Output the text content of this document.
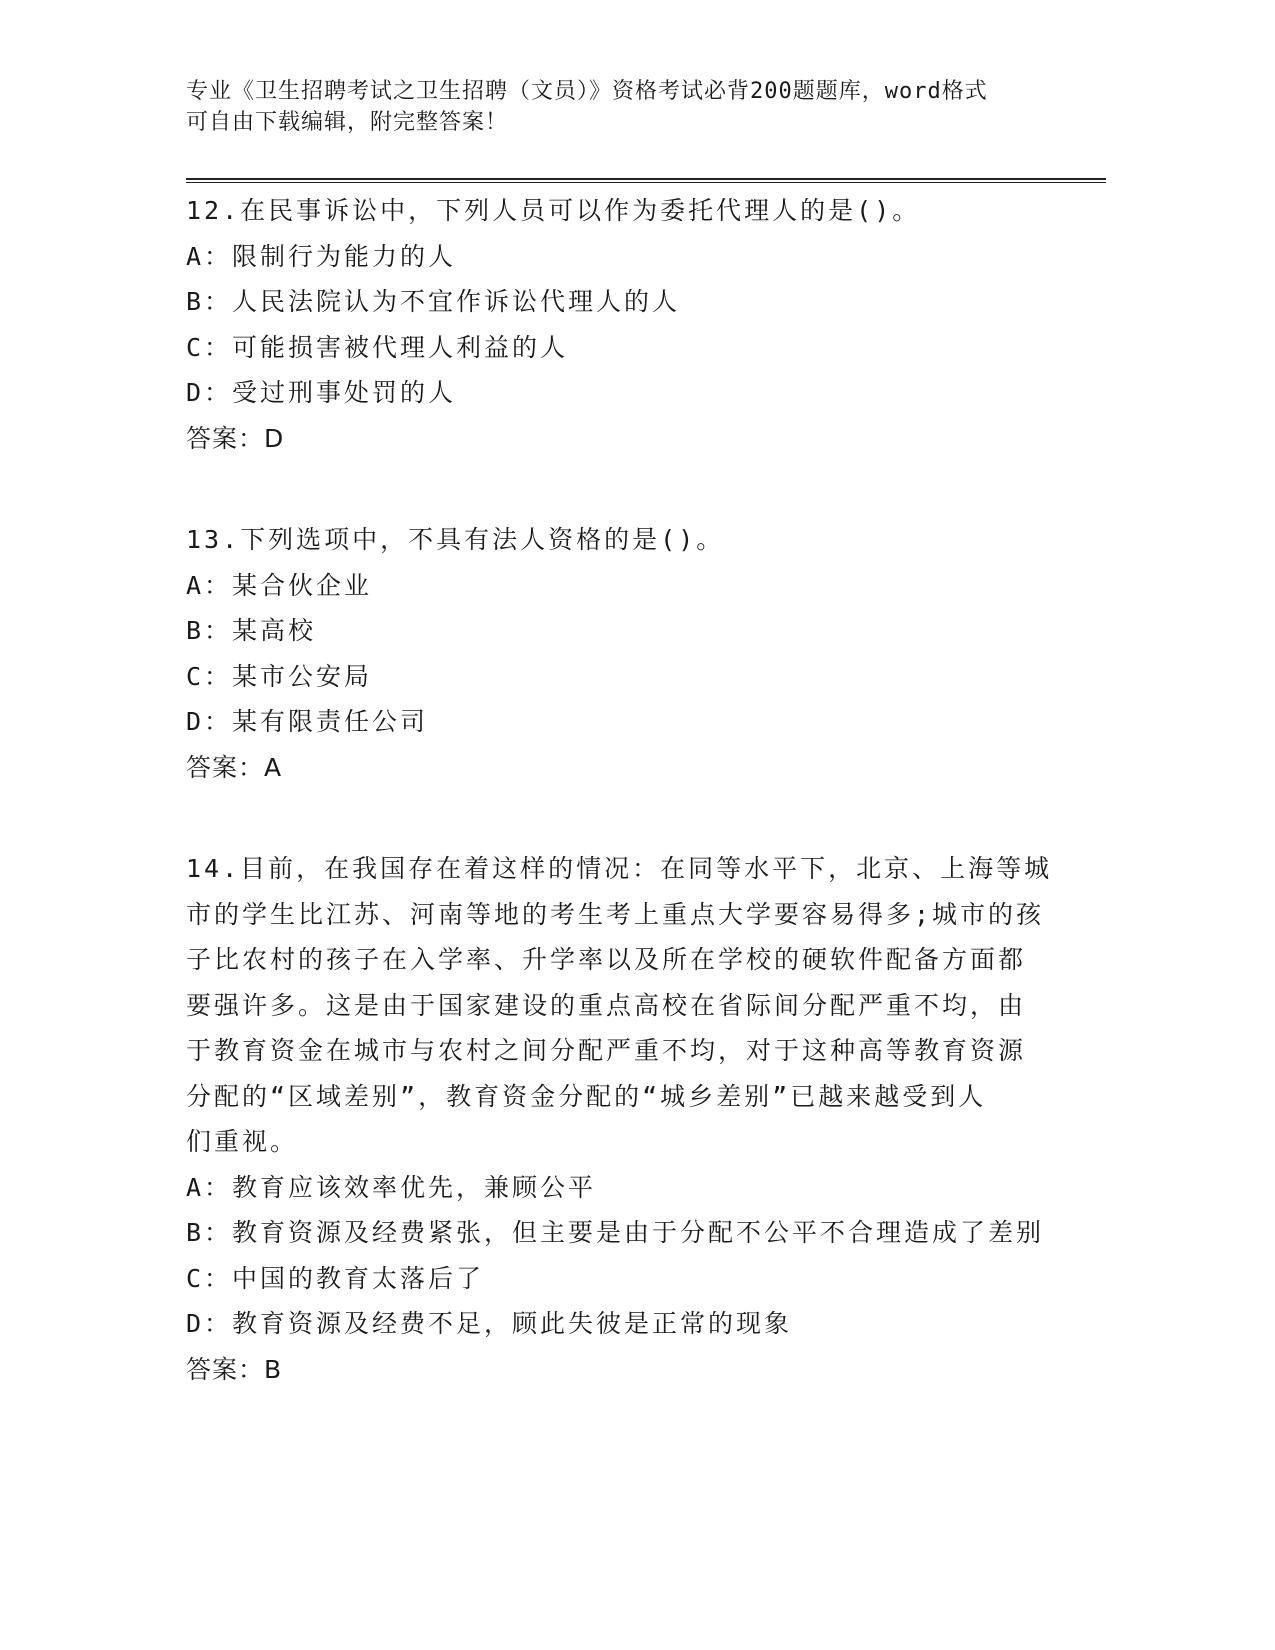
专业《卫生招聘考试之卫生招聘（文员）》资格考试必背200题题库，word格式

可自由下载编辑，附完整答案！

12.在民事诉讼中，下列人员可以作为委托代理人的是()。

A：限制行为能力的人

B：人民法院认为不宜作诉讼代理人的人

C：可能损害被代理人利益的人

D：受过刑事处罚的人

答案：D

13.下列选项中，不具有法人资格的是()。

A：某合伙企业

B：某高校

C：某市公安局

D：某有限责任公司

答案：A

14.目前，在我国存在着这样的情况：在同等水平下，北京、上海等城

市的学生比江苏、河南等地的考生考上重点大学要容易得多;城市的孩

子比农村的孩子在入学率、升学率以及所在学校的硬软件配备方面都

要强许多。这是由于国家建设的重点高校在省际间分配严重不均，由

于教育资金在城市与农村之间分配严重不均，对于这种高等教育资源

分配的“区域差别”，教育资金分配的“城乡差别”已越来越受到人

们重视。

A：教育应该效率优先，兼顾公平

B：教育资源及经费紧张，但主要是由于分配不公平不合理造成了差别

C：中国的教育太落后了

D：教育资源及经费不足，顾此失彼是正常的现象

答案：B
